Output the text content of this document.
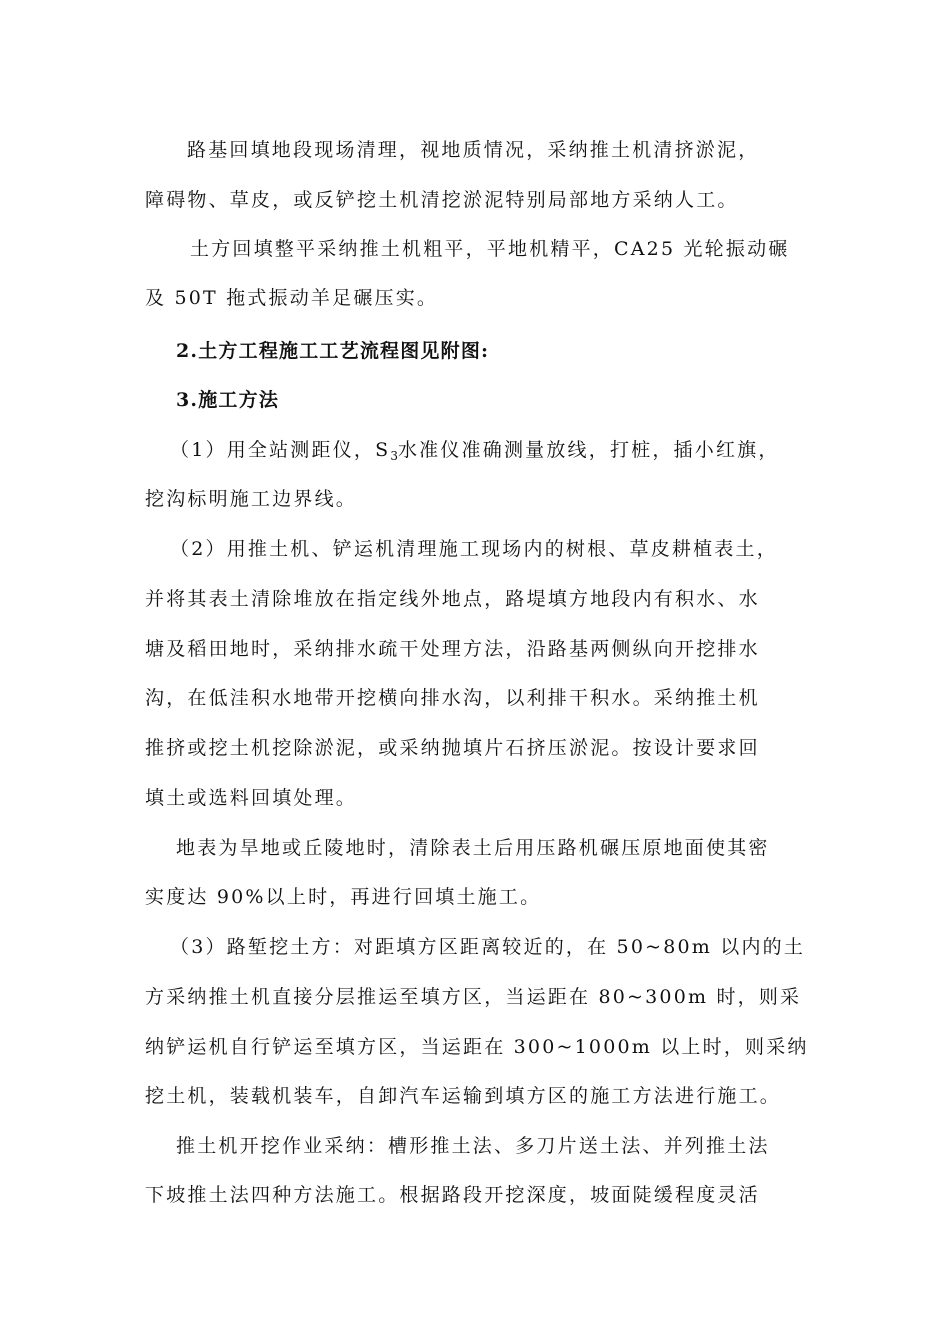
路基回填地段现场清理，视地质情况，采纳推土机清挤淤泥，
障碍物、草皮，或反铲挖土机清挖淤泥特别局部地方采纳人工。
土方回填整平采纳推土机粗平，平地机精平，CA25 光轮振动碾
及 50T 拖式振动羊足碾压实。
2.土方工程施工工艺流程图见附图:
3.施工方法
（1）用全站测距仪，$S_3$水准仪准确测量放线，打桩，插小红旗，
挖沟标明施工边界线。
（2）用推土机、铲运机清理施工现场内的树根、草皮耕植表土，
并将其表土清除堆放在指定线外地点，路堤填方地段内有积水、水
塘及稻田地时，采纳排水疏干处理方法，沿路基两侧纵向开挖排水
沟，在低洼积水地带开挖横向排水沟，以利排干积水。采纳推土机
推挤或挖土机挖除淤泥，或采纳抛填片石挤压淤泥。按设计要求回
填土或选料回填处理。
地表为旱地或丘陵地时，清除表土后用压路机碾压原地面使其密
实度达 90%以上时，再进行回填土施工。
（3）路堑挖土方：对距填方区距离较近的，在 50~80m 以内的土
方采纳推土机直接分层推运至填方区，当运距在 80~300m 时，则采
纳铲运机自行铲运至填方区，当运距在 300~1000m 以上时，则采纳
挖土机，装载机装车，自卸汽车运输到填方区的施工方法进行施工。
推土机开挖作业采纳：槽形推土法、多刀片送土法、并列推土法
下坡推土法四种方法施工。根据路段开挖深度，坡面陡缓程度灵活
